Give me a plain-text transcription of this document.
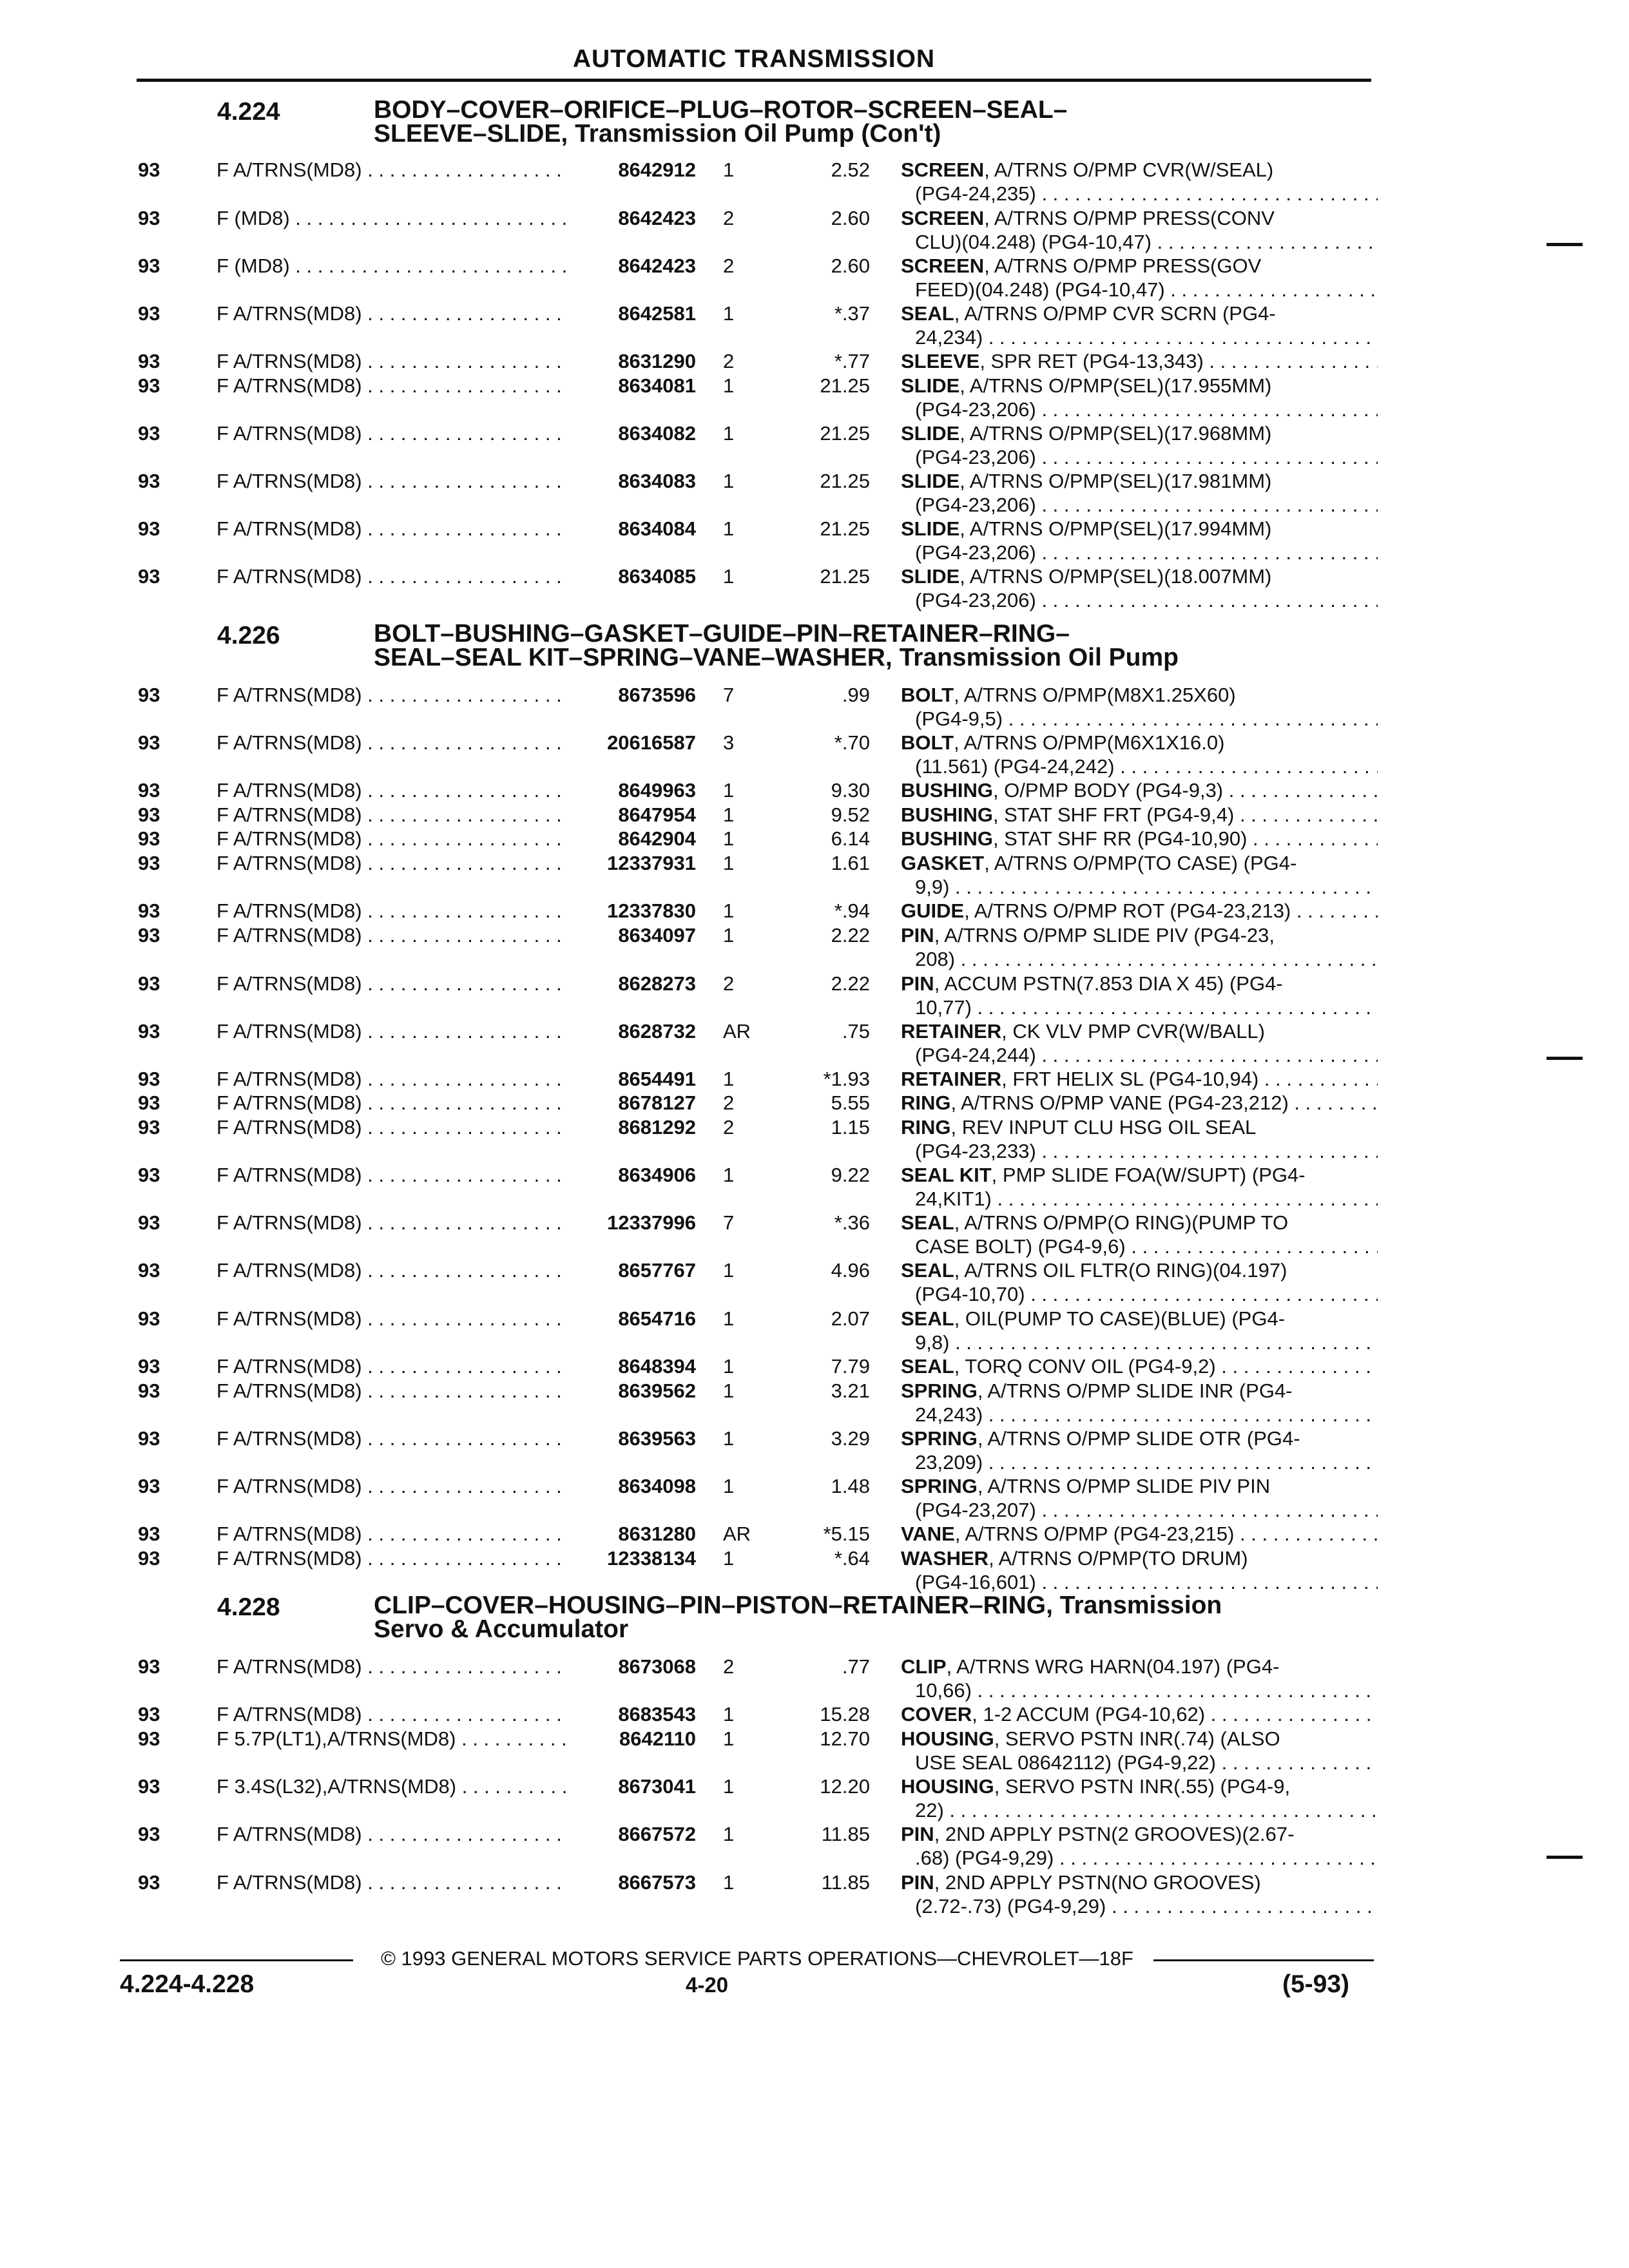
AUTOMATIC TRANSMISSION
4.224	BODY–COVER–ORIFICE–PLUG–ROTOR–SCREEN–SEAL–
SLEEVE–SLIDE, Transmission Oil Pump (Con't)
93	F A/TRNS(MD8) . . .	8642912 1	2.52 SCREEN, A/TRNS O/PMP CVR(W/SEAL)
(PG4-24,235) . . .
93	F (MD8) . . .	8642423 2	2.60 SCREEN, A/TRNS O/PMP PRESS(CONV
CLU)(04.248) (PG4-10,47) . . .
93	F (MD8) . . .	8642423 2	2.60 SCREEN, A/TRNS O/PMP PRESS(GOV
FEED)(04.248) (PG4-10,47) . . .
93	F A/TRNS(MD8) . . .	8642581 1	*.37 SEAL, A/TRNS O/PMP CVR SCRN (PG4-
24,234) . . .
93	F A/TRNS(MD8) . . .	8631290 2	*.77 SLEEVE, SPR RET (PG4-13,343) . . .
93	F A/TRNS(MD8) . . .	8634081 1	21.25 SLIDE, A/TRNS O/PMP(SEL)(17.955MM)
(PG4-23,206) . . .
93	F A/TRNS(MD8) . . .	8634082 1	21.25 SLIDE, A/TRNS O/PMP(SEL)(17.968MM)
(PG4-23,206) . . .
93	F A/TRNS(MD8) . . .	8634083 1	21.25 SLIDE, A/TRNS O/PMP(SEL)(17.981MM)
(PG4-23,206) . . .
93	F A/TRNS(MD8) . . .	8634084 1	21.25 SLIDE, A/TRNS O/PMP(SEL)(17.994MM)
(PG4-23,206) . . .
93	F A/TRNS(MD8) . . .	8634085 1	21.25 SLIDE, A/TRNS O/PMP(SEL)(18.007MM)
(PG4-23,206) . . .
4.226	BOLT–BUSHING–GASKET–GUIDE–PIN–RETAINER–RING–
SEAL–SEAL KIT–SPRING–VANE–WASHER, Transmission Oil Pump
93	F A/TRNS(MD8) . . .	8673596 7	.99 BOLT, A/TRNS O/PMP(M8X1.25X60)
(PG4-9,5) . . .
93	F A/TRNS(MD8) . . .	20616587 3	*.70 BOLT, A/TRNS O/PMP(M6X1X16.0)
(11.561) (PG4-24,242) . . .
93	F A/TRNS(MD8) . . .	8649963 1	9.30 BUSHING, O/PMP BODY (PG4-9,3) . . .
93	F A/TRNS(MD8) . . .	8647954 1	9.52 BUSHING, STAT SHF FRT (PG4-9,4) . . .
93	F A/TRNS(MD8) . . .	8642904 1	6.14 BUSHING, STAT SHF RR (PG4-10,90) . . .
93	F A/TRNS(MD8) . . .	12337931 1	1.61 GASKET, A/TRNS O/PMP(TO CASE) (PG4-
9,9) . . .
93	F A/TRNS(MD8) . . .	12337830 1	*.94 GUIDE, A/TRNS O/PMP ROT (PG4-23,213) . . .
93	F A/TRNS(MD8) . . .	8634097 1	2.22 PIN, A/TRNS O/PMP SLIDE PIV (PG4-23,
208) . . .
93	F A/TRNS(MD8) . . .	8628273 2	2.22 PIN, ACCUM PSTN(7.853 DIA X 45) (PG4-
10,77) . . .
93	F A/TRNS(MD8) . . .	8628732 AR	.75 RETAINER, CK VLV PMP CVR(W/BALL)
(PG4-24,244) . . .
93	F A/TRNS(MD8) . . .	8654491 1	*1.93 RETAINER, FRT HELIX SL (PG4-10,94) . . .
93	F A/TRNS(MD8) . . .	8678127 2	5.55 RING, A/TRNS O/PMP VANE (PG4-23,212) . . .
93	F A/TRNS(MD8) . . .	8681292 2	1.15 RING, REV INPUT CLU HSG OIL SEAL
(PG4-23,233) . . .
93	F A/TRNS(MD8) . . .	8634906 1	9.22 SEAL KIT, PMP SLIDE FOA(W/SUPT) (PG4-
24,KIT1) . . .
93	F A/TRNS(MD8) . . .	12337996 7	*.36 SEAL, A/TRNS O/PMP(O RING)(PUMP TO
CASE BOLT) (PG4-9,6) . . .
93	F A/TRNS(MD8) . . .	8657767 1	4.96 SEAL, A/TRNS OIL FLTR(O RING)(04.197)
(PG4-10,70) . . .
93	F A/TRNS(MD8) . . .	8654716 1	2.07 SEAL, OIL(PUMP TO CASE)(BLUE) (PG4-
9,8) . . .
93	F A/TRNS(MD8) . . .	8648394 1	7.79 SEAL, TORQ CONV OIL (PG4-9,2) . . .
93	F A/TRNS(MD8) . . .	8639562 1	3.21 SPRING, A/TRNS O/PMP SLIDE INR (PG4-
24,243) . . .
93	F A/TRNS(MD8) . . .	8639563 1	3.29 SPRING, A/TRNS O/PMP SLIDE OTR (PG4-
23,209) . . .
93	F A/TRNS(MD8) . . .	8634098 1	1.48 SPRING, A/TRNS O/PMP SLIDE PIV PIN
(PG4-23,207) . . .
93	F A/TRNS(MD8) . . .	8631280 AR	*5.15 VANE, A/TRNS O/PMP (PG4-23,215) . . .
93	F A/TRNS(MD8) . . .	12338134 1	*.64 WASHER, A/TRNS O/PMP(TO DRUM)
(PG4-16,601) . . .
4.228	CLIP–COVER–HOUSING–PIN–PISTON–RETAINER–RING, Transmission
Servo & Accumulator
93	F A/TRNS(MD8) . . .	8673068 2	.77 CLIP, A/TRNS WRG HARN(04.197) (PG4-
10,66) . . .
93	F A/TRNS(MD8) . . .	8683543 1	15.28 COVER, 1-2 ACCUM (PG4-10,62) . . .
93	F 5.7P(LT1),A/TRNS(MD8) . . .	8642110 1	12.70 HOUSING, SERVO PSTN INR(.74) (ALSO
USE SEAL 08642112) (PG4-9,22) . . .
93	F 3.4S(L32),A/TRNS(MD8) . . .	8673041 1	12.20 HOUSING, SERVO PSTN INR(.55) (PG4-9,
22) . . .
93	F A/TRNS(MD8) . . .	8667572 1	11.85 PIN, 2ND APPLY PSTN(2 GROOVES)(2.67-
.68) (PG4-9,29) . . .
93	F A/TRNS(MD8) . . .	8667573 1	11.85 PIN, 2ND APPLY PSTN(NO GROOVES)
(2.72-.73) (PG4-9,29) . . .
© 1993 GENERAL MOTORS SERVICE PARTS OPERATIONS—CHEVROLET—18F
4.224-4.228	4-20	(5-93)
